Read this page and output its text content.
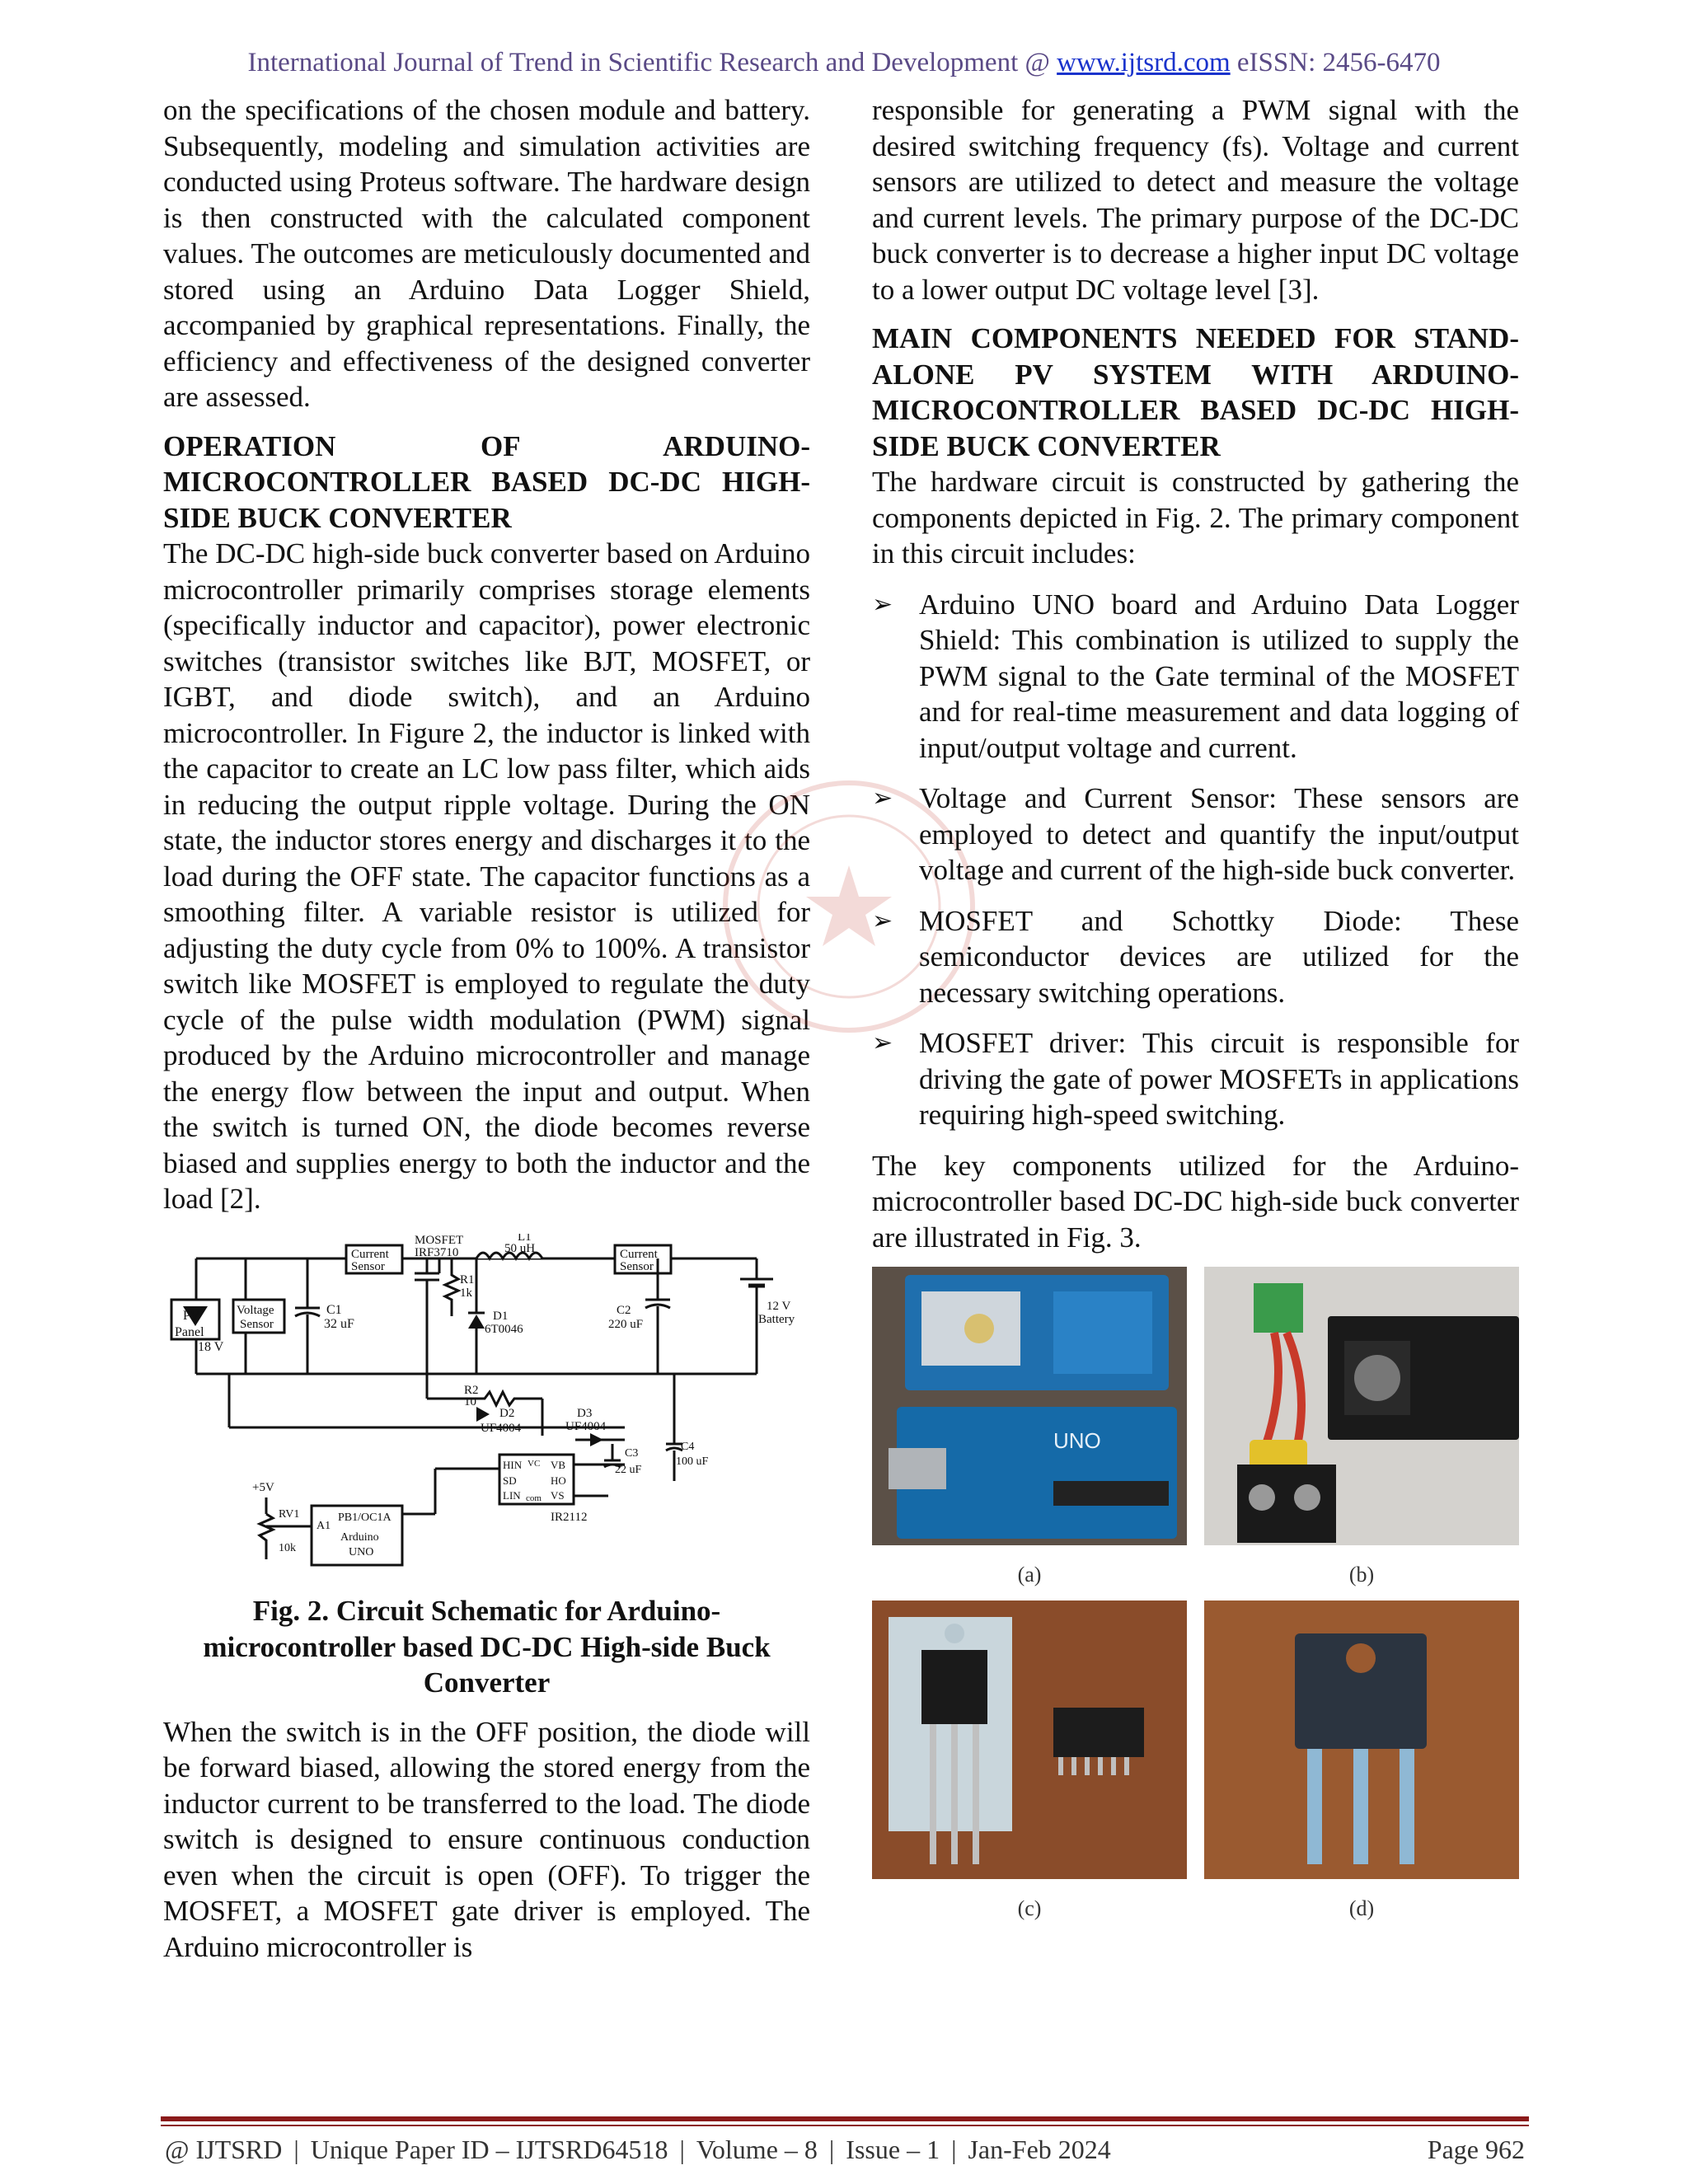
International Journal of Trend in Scientific Research and Development @ www.ijtsrd.com eISSN: 2456-6470

on the specifications of the chosen module and battery. Subsequently, modeling and simulation activities are conducted using Proteus software. The hardware design is then constructed with the calculated component values. The outcomes are meticulously documented and stored using an Arduino Data Logger Shield, accompanied by graphical representations. Finally, the efficiency and effectiveness of the designed converter are assessed.

OPERATION OF ARDUINO-MICROCONTROLLER BASED DC-DC HIGH-SIDE BUCK CONVERTER

The DC-DC high-side buck converter based on Arduino microcontroller primarily comprises storage elements (specifically inductor and capacitor), power electronic switches (transistor switches like BJT, MOSFET, or IGBT, and diode switch), and an Arduino microcontroller. In Figure 2, the inductor is linked with the capacitor to create an LC low pass filter, which aids in reducing the output ripple voltage. During the ON state, the inductor stores energy and discharges it to the load during the OFF state. The capacitor functions as a smoothing filter. A variable resistor is utilized for adjusting the duty cycle from 0% to 100%. A transistor switch like MOSFET is employed to regulate the duty cycle of the pulse width modulation (PWM) signal produced by the Arduino microcontroller and manage the energy flow between the input and output. When the switch is turned ON, the diode becomes reverse biased and supplies energy to both the inductor and the load [2].

PV
Panel
18 V
Voltage
Sensor
C1
32 uF
Current
Sensor
MOSFET
IRF3710
R1
1k
L1
50 uH
D1
6T0046
Current
Sensor
C2
220 uF
12 V
Battery
R2
10
D2
UF4004
D3
UF4004
HIN VC VB
SD	HO
LIN com VS
IR2112
C3
22 uF
C4
100 uF
+5V
RV1
10k
A1
PB1/OC1A
Arduino
UNO
Fig. 2. Circuit Schematic for Arduino-microcontroller based DC-DC High-side Buck Converter

When the switch is in the OFF position, the diode will be forward biased, allowing the stored energy from the inductor current to be transferred to the load. The diode switch is designed to ensure continuous conduction even when the circuit is open (OFF). To trigger the MOSFET, a MOSFET gate driver is employed. The Arduino microcontroller is

responsible for generating a PWM signal with the desired switching frequency (fs). Voltage and current sensors are utilized to detect and measure the voltage and current levels. The primary purpose of the DC-DC buck converter is to decrease a higher input DC voltage to a lower output DC voltage level [3].

MAIN COMPONENTS NEEDED FOR STAND-ALONE PV SYSTEM WITH ARDUINO-MICROCONTROLLER BASED DC-DC HIGH-SIDE BUCK CONVERTER

The hardware circuit is constructed by gathering the components depicted in Fig. 2. The primary component in this circuit includes:

➢ Arduino UNO board and Arduino Data Logger Shield: This combination is utilized to supply the PWM signal to the Gate terminal of the MOSFET and for real-time measurement and data logging of input/output voltage and current.
➢ Voltage and Current Sensor: These sensors are employed to detect and quantify the input/output voltage and current of the high-side buck converter.
➢ MOSFET and Schottky Diode: These semiconductor devices are utilized for the necessary switching operations.
➢ MOSFET driver: This circuit is responsible for driving the gate of power MOSFETs in applications requiring high-speed switching.

The key components utilized for the Arduino-microcontroller based DC-DC high-side buck converter are illustrated in Fig. 3.

UNO
(a)	(b)
(c)	(d)
@ IJTSRD | Unique Paper ID – IJTSRD64518 | Volume – 8 | Issue – 1 | Jan-Feb 2024	Page 962
